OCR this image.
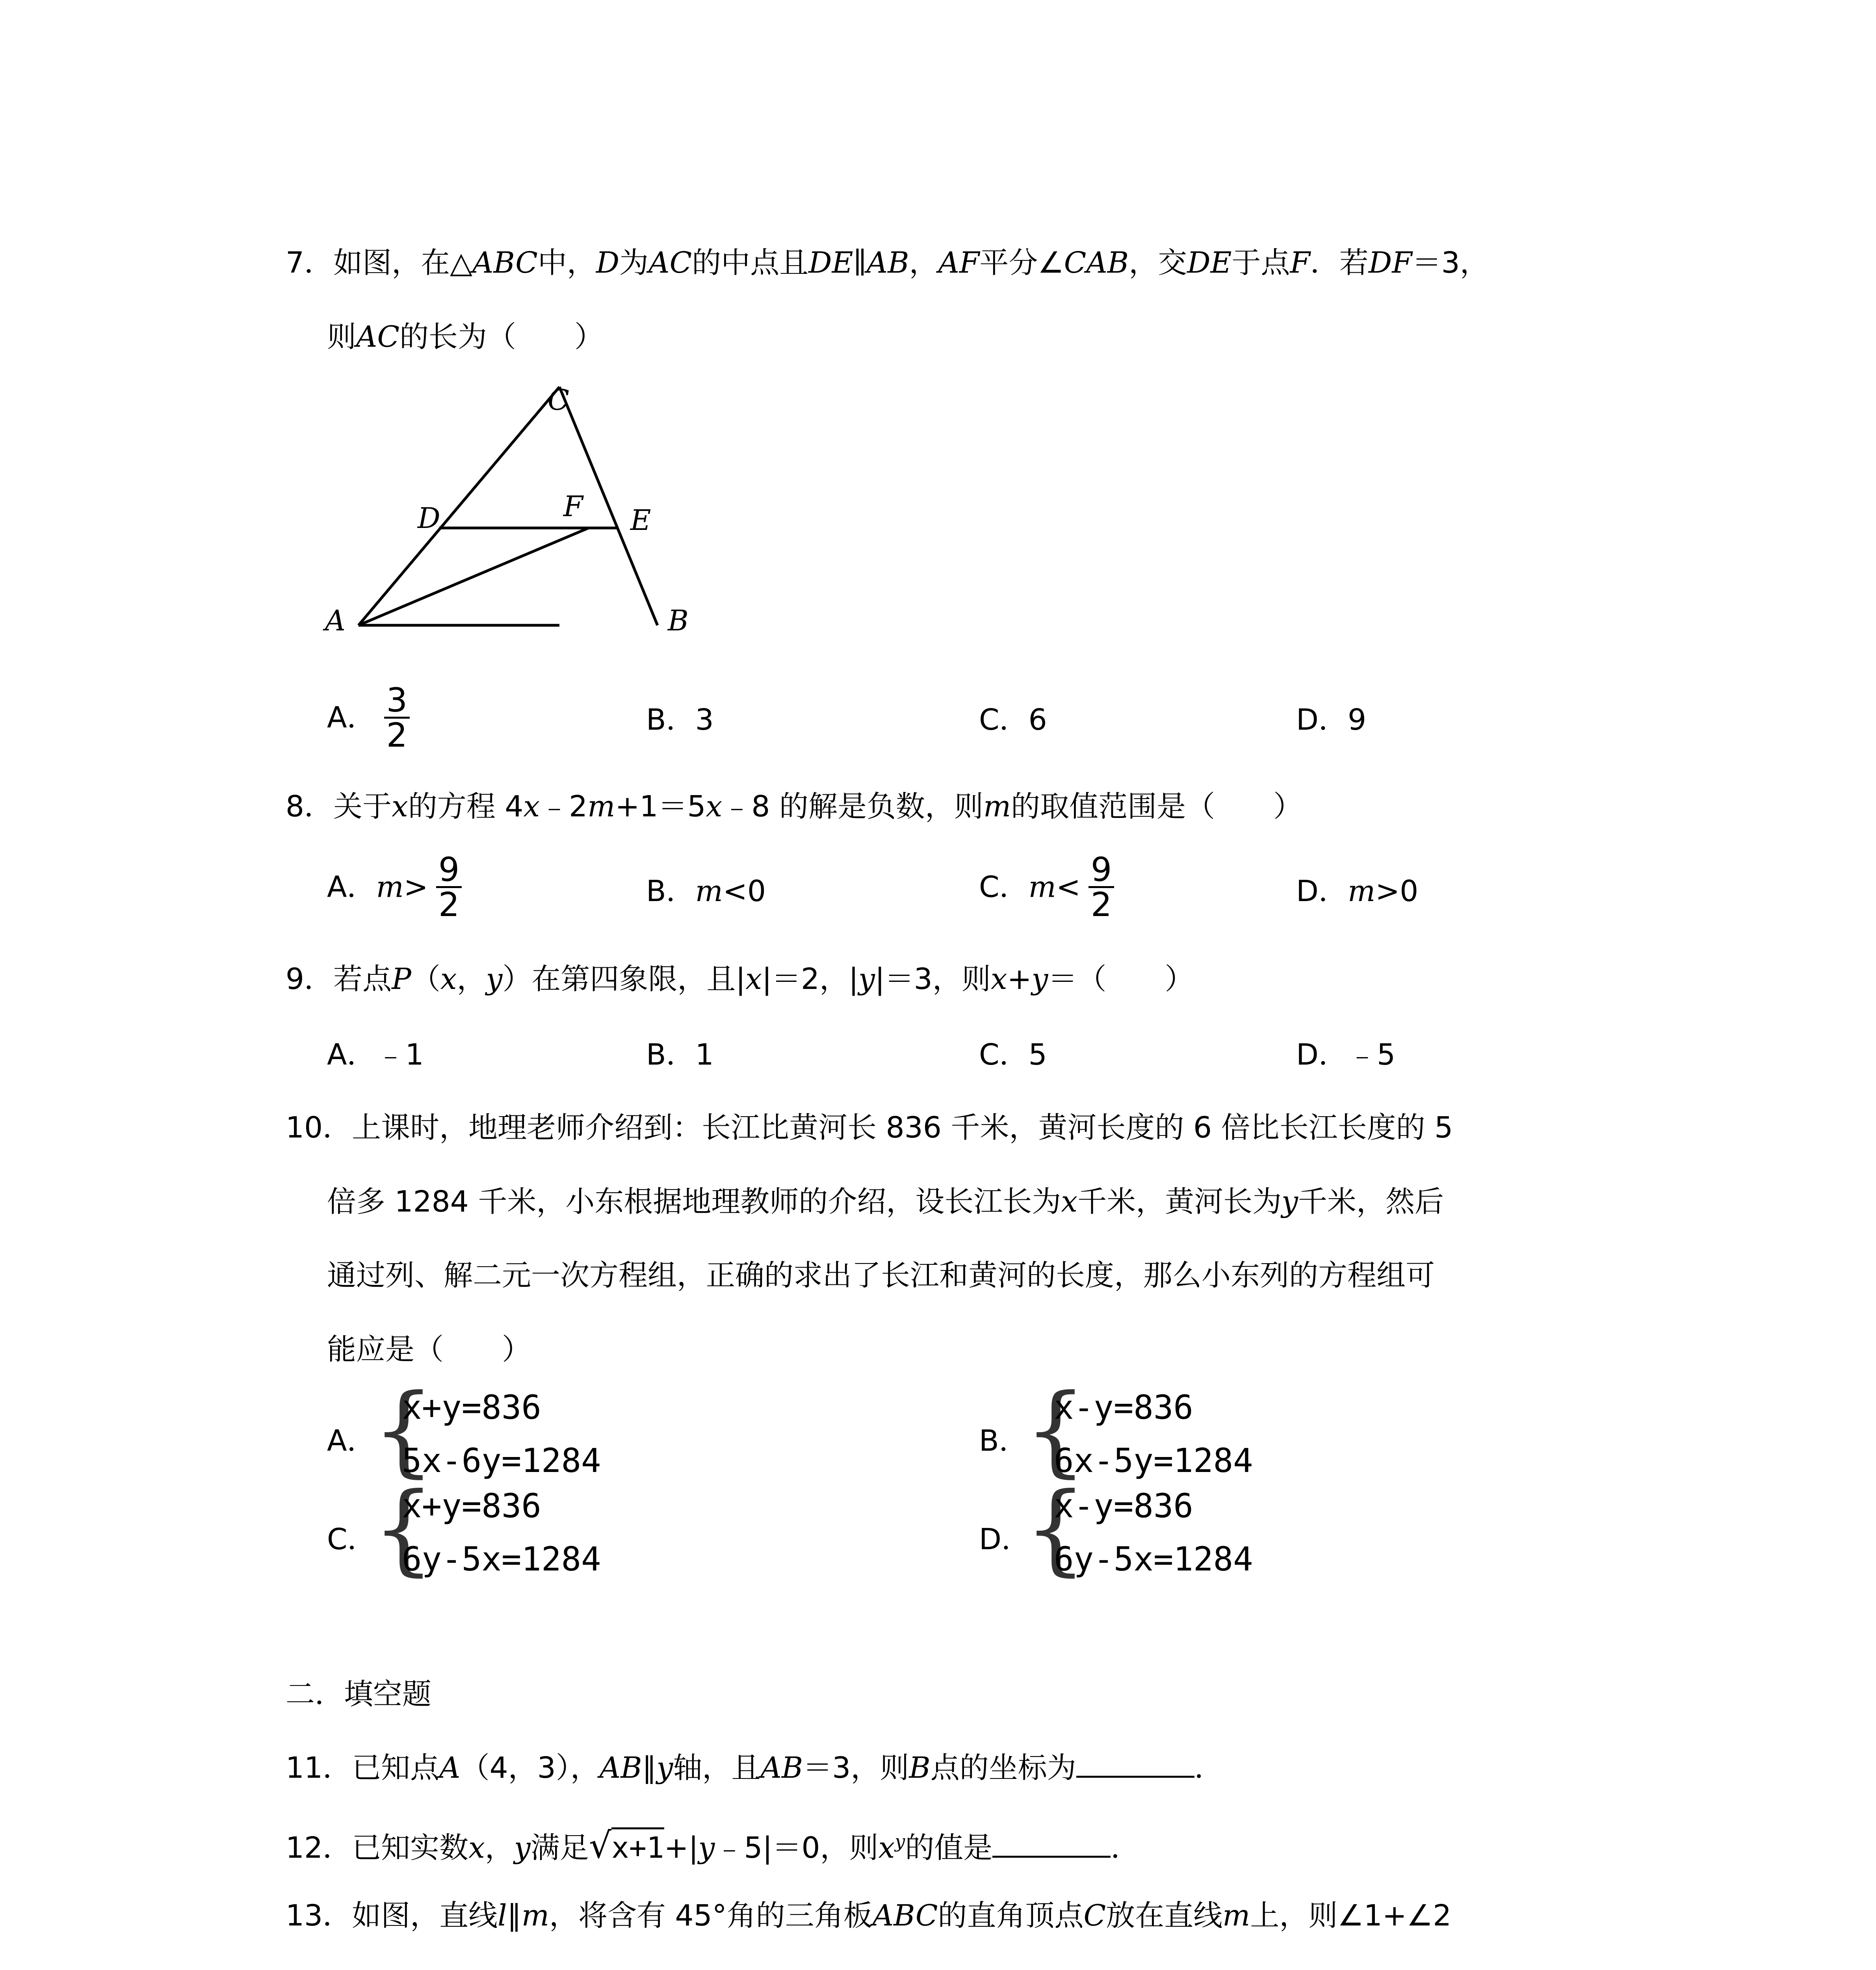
7．如图，在△ABC中，D为AC的中点且DE∥AB，AF平分∠CAB，交DE于点F．若DF＝3，
则AC的长为（　　）
C
D	F E
A	B
A． $\frac{3}{2}$	B．3	C．6	D．9
8．关于x的方程 4x﹣2m+1＝5x﹣8 的解是负数，则m的取值范围是（　　）
A．$m> \frac{9}{2}$	B．m<0	C．$m< \frac{9}{2}$	D．m>0
9．若点P（x，y）在第四象限，且|x|＝2，|y|＝3，则x+y＝（　　）
A．﹣1	B．1	C．5	D．﹣5
10．上课时，地理老师介绍到：长江比黄河长 836 千米，黄河长度的 6 倍比长江长度的 5
倍多 1284 千米，小东根据地理教师的介绍，设长江长为x千米，黄河长为y千米，然后
通过列、解二元一次方程组，正确的求出了长江和黄河的长度，那么小东列的方程组可
能应是（　　）
A．
{
x+y=836
5x-6y=1284
B．
{
x-y=836
6x-5y=1284
C．
{
x+y=836
6y-5x=1284
D．
{
x-y=836
6y-5x=1284
二．填空题
11．已知点A（4，3），AB∥y轴，且AB＝3，则B点的坐标为	．
12．已知实数x，y满足√x+1+|y﹣5|＝0，则$x^y$的值是	．
13．如图，直线l∥m，将含有 45°角的三角板ABC的直角顶点C放在直线m上，则∠1+∠2
